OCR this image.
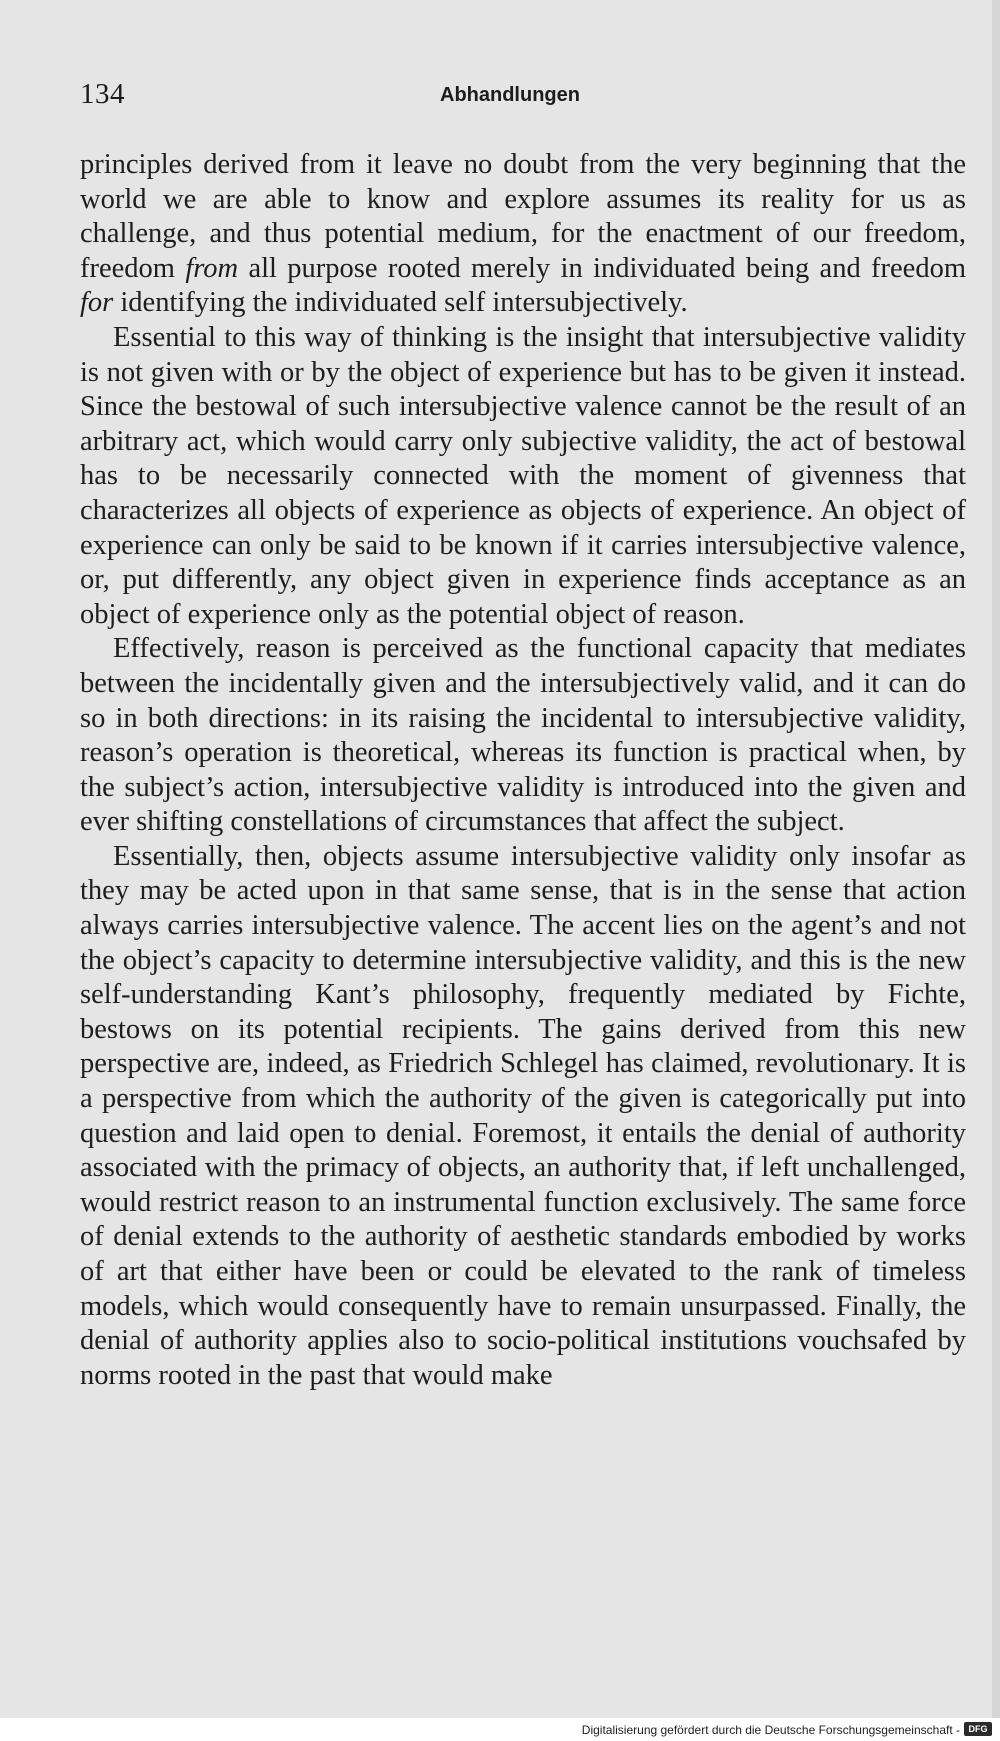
134	Abhandlungen

principles derived from it leave no doubt from the very beginning that the world we are able to know and explore assumes its reality for us as challenge, and thus potential medium, for the enactment of our freedom, freedom from all purpose rooted merely in individuated being and freedom for identifying the individuated self intersubjectively.

Essential to this way of thinking is the insight that intersubjective validity is not given with or by the object of experience but has to be given it instead. Since the bestowal of such intersubjective valence cannot be the result of an arbitrary act, which would carry only subjective validity, the act of bestowal has to be necessarily connected with the moment of givenness that characterizes all objects of experience as objects of experience. An object of experience can only be said to be known if it carries intersubjective valence, or, put differently, any object given in experience finds acceptance as an object of experience only as the potential object of reason.

Effectively, reason is perceived as the functional capacity that mediates between the incidentally given and the intersubjectively valid, and it can do so in both directions: in its raising the incidental to intersubjective validity, reason’s operation is theoretical, whereas its function is practical when, by the subject’s action, intersubjective validity is introduced into the given and ever shifting constellations of circumstances that affect the subject.

Essentially, then, objects assume intersubjective validity only insofar as they may be acted upon in that same sense, that is in the sense that action always carries intersubjective valence. The accent lies on the agent’s and not the object’s capacity to determine intersubjective validity, and this is the new self-understanding Kant’s philosophy, frequently mediated by Fichte, bestows on its potential recipients. The gains derived from this new perspective are, indeed, as Friedrich Schlegel has claimed, revolutionary. It is a perspective from which the authority of the given is categorically put into question and laid open to denial. Foremost, it entails the denial of authority associated with the primacy of objects, an authority that, if left unchallenged, would restrict reason to an instrumental function exclusively. The same force of denial extends to the authority of aesthetic standards embodied by works of art that either have been or could be elevated to the rank of timeless models, which would consequently have to remain unsurpassed. Finally, the denial of authority applies also to socio-political institutions vouchsafed by norms rooted in the past that would make

Digitalisierung gefördert durch die Deutsche Forschungsgemeinschaft - DFG
